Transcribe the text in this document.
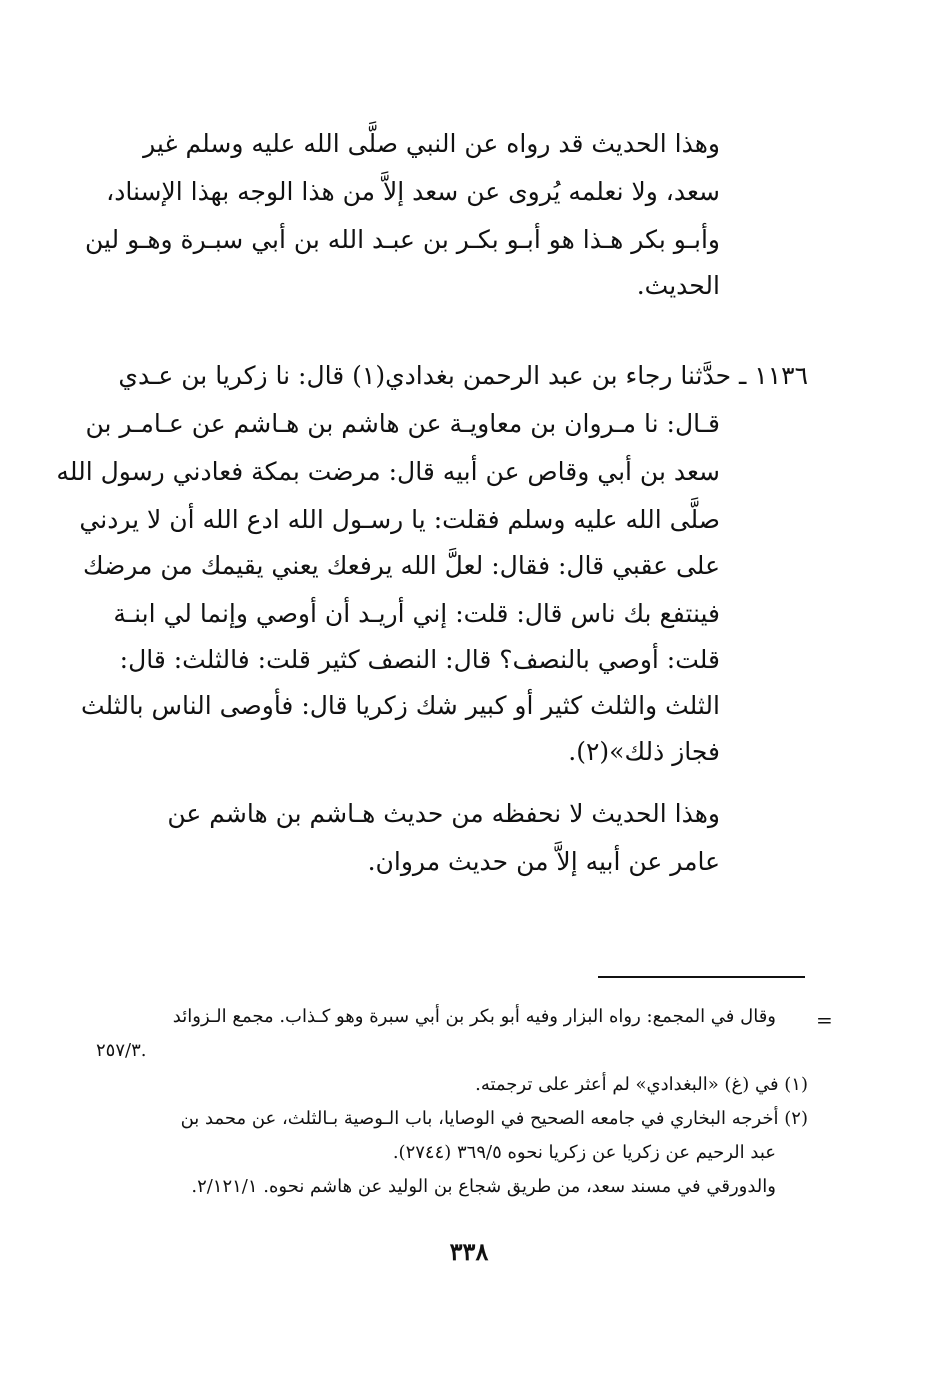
وهذا الحديث قد رواه عن النبي صلَّى الله عليه وسلم غير
سعد، ولا نعلمه يُروى عن سعد إلاَّ من هذا الوجه بهذا الإسناد،
وأبـو بكر هـذا هو أبـو بكـر بن عبـد الله بن أبي سبـرة وهـو لين
الحديث.
١١٣٦ ـ حدَّثنا رجاء بن عبد الرحمن بغدادي(١) قال: نا زكريا بن عـدي
قـال: نا مـروان بن معاويـة عن هاشم بن هـاشم عن عـامـر بن
سعد بن أبي وقاص عن أبيه قال: مرضت بمكة فعادني رسول الله
صلَّى الله عليه وسلم فقلت: يا رسـول الله ادع الله أن لا يردني
على عقبي قال: فقال: لعلَّ الله يرفعك يعني يقيمك من مرضك
فينتفع بك ناس قال: قلت: إني أريـد أن أوصي وإنما لي ابنـة
قلت: أوصي بالنصف؟ قال: النصف كثير قلت: فالثلث: قال:
الثلث والثلث كثير أو كبير شك زكريا قال: فأوصى الناس بالثلث
فجاز ذلك»(٢).
وهذا الحديث لا نحفظه من حديث هـاشم بن هاشم عن
عامر عن أبيه إلاَّ من حديث مروان.
=
وقال في المجمع: رواه البزار وفيه أبو بكر بن أبي سبرة وهو كـذاب. مجمع الـزوائد
٢٥٧/٣.
(١) في (غ) «البغدادي» لم أعثر على ترجمته.
(٢) أخرجه البخاري في جامعه الصحيح في الوصايا، باب الـوصية بـالثلث، عن محمد بن
عبد الرحيم عن زكريا عن زكريا نحوه ٣٦٩/٥ (٢٧٤٤).
والدورقي في مسند سعد، من طريق شجاع بن الوليد عن هاشم نحوه. ٢/١٢١/١.
٣٣٨
